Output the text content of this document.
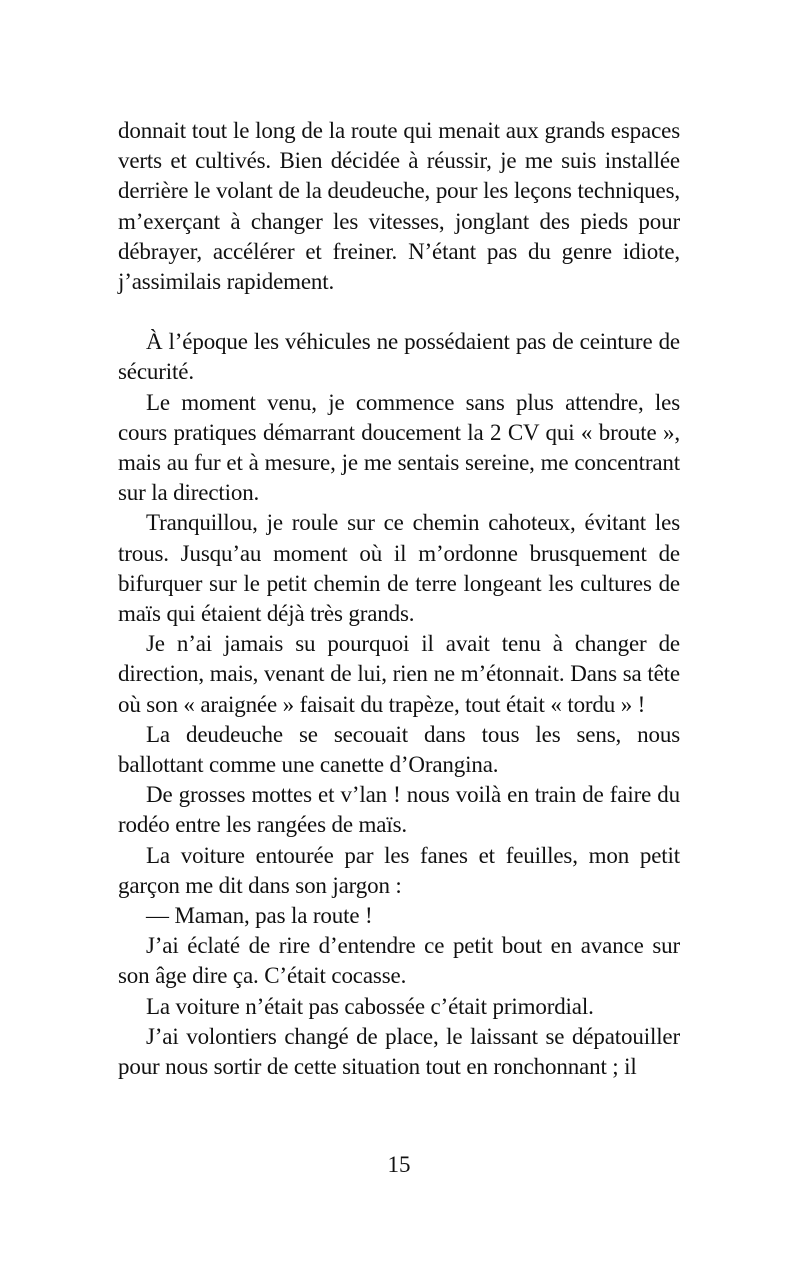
donnait tout le long de la route qui menait aux grands espaces verts et cultivés. Bien décidée à réussir, je me suis installée derrière le volant de la deudeuche, pour les leçons techniques, m’exerçant à changer les vitesses, jonglant des pieds pour débrayer, accélérer et freiner. N’étant pas du genre idiote, j’assimilais rapidement.

À l’époque les véhicules ne possédaient pas de ceinture de sécurité.

Le moment venu, je commence sans plus attendre, les cours pratiques démarrant doucement la 2 CV qui « broute », mais au fur et à mesure, je me sentais sereine, me concentrant sur la direction.

Tranquillou, je roule sur ce chemin cahoteux, évitant les trous. Jusqu’au moment où il m’ordonne brusquement de bifurquer sur le petit chemin de terre longeant les cultures de maïs qui étaient déjà très grands.

Je n’ai jamais su pourquoi il avait tenu à changer de direction, mais, venant de lui, rien ne m’étonnait. Dans sa tête où son « araignée » faisait du trapèze, tout était « tordu » !

La deudeuche se secouait dans tous les sens, nous ballottant comme une canette d’Orangina.

De grosses mottes et v’lan ! nous voilà en train de faire du rodéo entre les rangées de maïs.

La voiture entourée par les fanes et feuilles, mon petit garçon me dit dans son jargon :

— Maman, pas la route !

J’ai éclaté de rire d’entendre ce petit bout en avance sur son âge dire ça. C’était cocasse.

La voiture n’était pas cabossée c’était primordial.

J’ai volontiers changé de place, le laissant se dépatouiller pour nous sortir de cette situation tout en ronchonnant ; il

15
